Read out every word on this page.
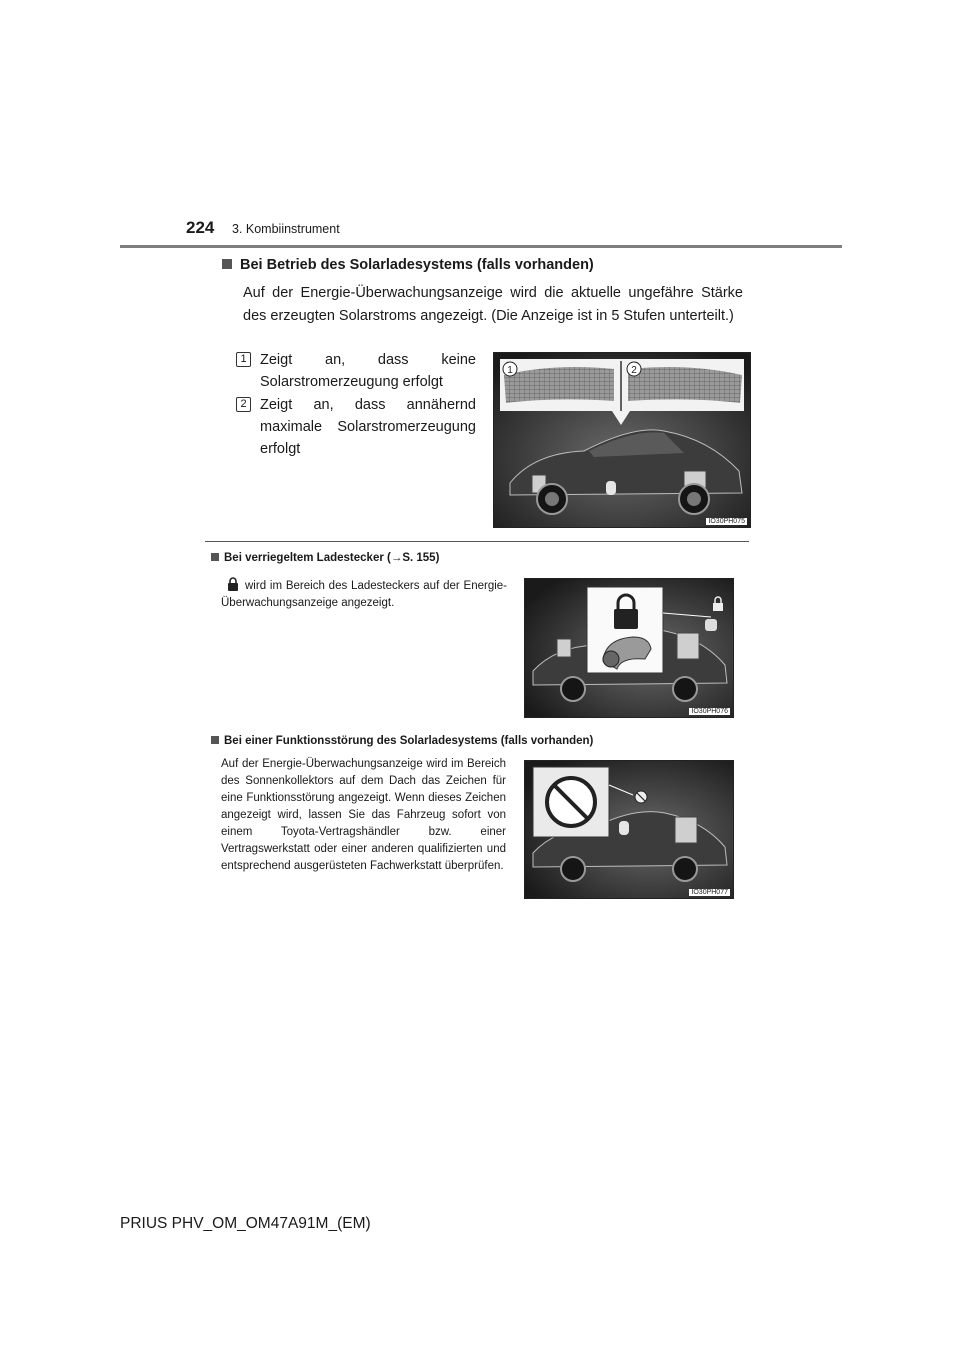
224 3. Kombiinstrument
Bei Betrieb des Solarladesystems (falls vorhanden)
Auf der Energie-Überwachungsanzeige wird die aktuelle ungefähre Stärke des erzeugten Solarstroms angezeigt. (Die Anzeige ist in 5 Stufen unterteilt.)
1 Zeigt an, dass keine Solarstromerzeugung erfolgt
2 Zeigt an, dass annähernd maximale Solarstromerzeugung erfolgt
1	2
IO30PH075
Bei verriegeltem Ladestecker (→S. 155)
wird im Bereich des Ladesteckers auf der Energie-Überwachungsanzeige angezeigt.
IO30PH076
Bei einer Funktionsstörung des Solarladesystems (falls vorhanden)
Auf der Energie-Überwachungsanzeige wird im Bereich des Sonnenkollektors auf dem Dach das Zeichen für eine Funktionsstörung angezeigt. Wenn dieses Zeichen angezeigt wird, lassen Sie das Fahrzeug sofort von einem Toyota-Vertragshändler bzw. einer Vertragswerkstatt oder einer anderen qualifizierten und entsprechend ausgerüsteten Fachwerkstatt überprüfen.
IO30PH077
PRIUS PHV_OM_OM47A91M_(EM)
